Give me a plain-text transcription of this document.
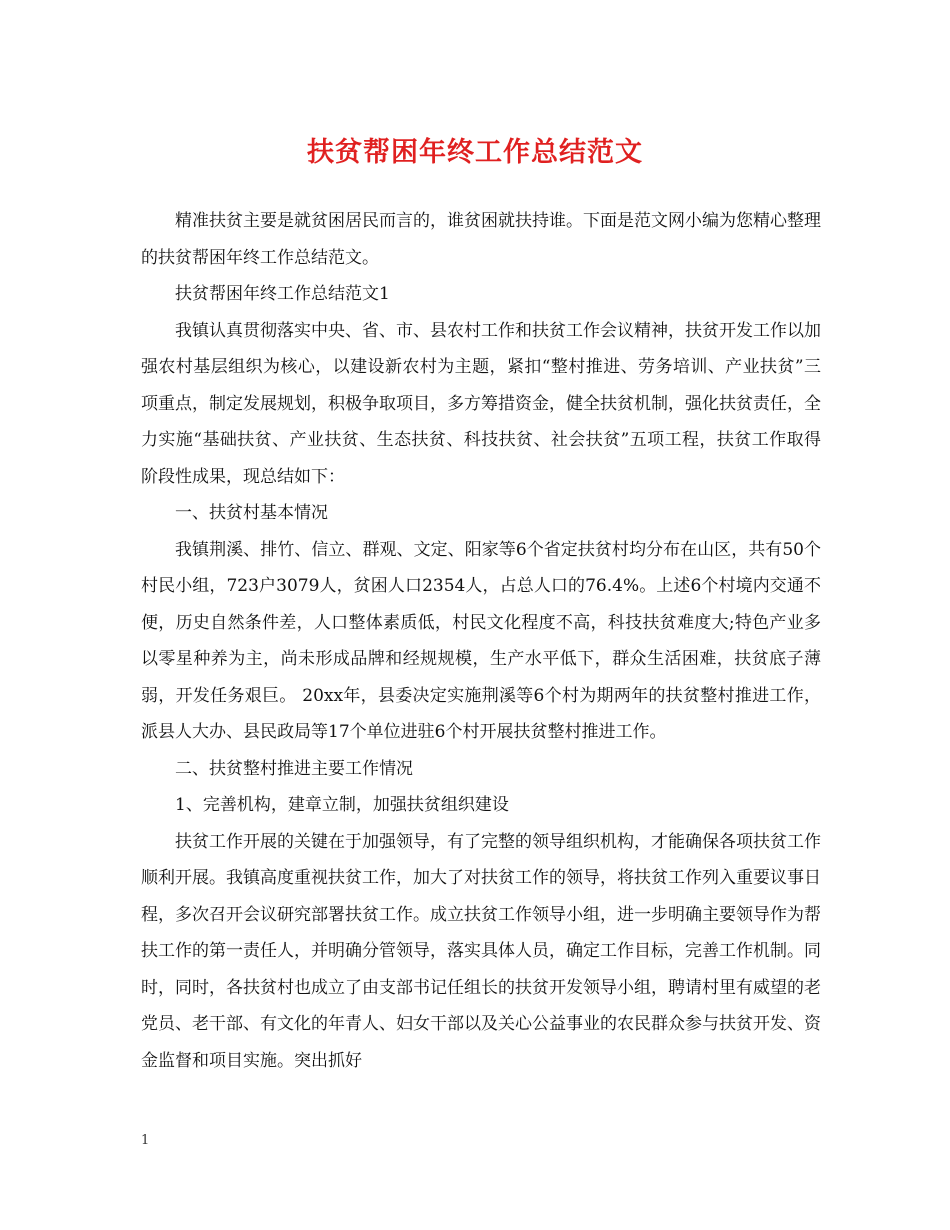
扶贫帮困年终工作总结范文

精准扶贫主要是就贫困居民而言的，谁贫困就扶持谁。下面是范文网小编为您精心整理的扶贫帮困年终工作总结范文。

扶贫帮困年终工作总结范文1

我镇认真贯彻落实中央、省、市、县农村工作和扶贫工作会议精神，扶贫开发工作以加强农村基层组织为核心，以建设新农村为主题，紧扣“整村推进、劳务培训、产业扶贫”三项重点，制定发展规划，积极争取项目，多方筹措资金，健全扶贫机制，强化扶贫责任，全力实施“基础扶贫、产业扶贫、生态扶贫、科技扶贫、社会扶贫”五项工程，扶贫工作取得阶段性成果，现总结如下：

一、扶贫村基本情况

我镇荆溪、排竹、信立、群观、文定、阳家等6个省定扶贫村均分布在山区，共有50个村民小组，723户3079人，贫困人口2354人，占总人口的76.4%。上述6个村境内交通不便，历史自然条件差，人口整体素质低，村民文化程度不高，科技扶贫难度大;特色产业多以零星种养为主，尚未形成品牌和经规规模，生产水平低下，群众生活困难，扶贫底子薄弱，开发任务艰巨。 20xx年，县委决定实施荆溪等6个村为期两年的扶贫整村推进工作，派县人大办、县民政局等17个单位进驻6个村开展扶贫整村推进工作。

二、扶贫整村推进主要工作情况

1、完善机构，建章立制，加强扶贫组织建设

扶贫工作开展的关键在于加强领导，有了完整的领导组织机构，才能确保各项扶贫工作顺利开展。我镇高度重视扶贫工作，加大了对扶贫工作的领导，将扶贫工作列入重要议事日程，多次召开会议研究部署扶贫工作。成立扶贫工作领导小组，进一步明确主要领导作为帮扶工作的第一责任人，并明确分管领导，落实具体人员，确定工作目标，完善工作机制。同时，同时，各扶贫村也成立了由支部书记任组长的扶贫开发领导小组，聘请村里有威望的老党员、老干部、有文化的年青人、妇女干部以及关心公益事业的农民群众参与扶贫开发、资金监督和项目实施。突出抓好

1
